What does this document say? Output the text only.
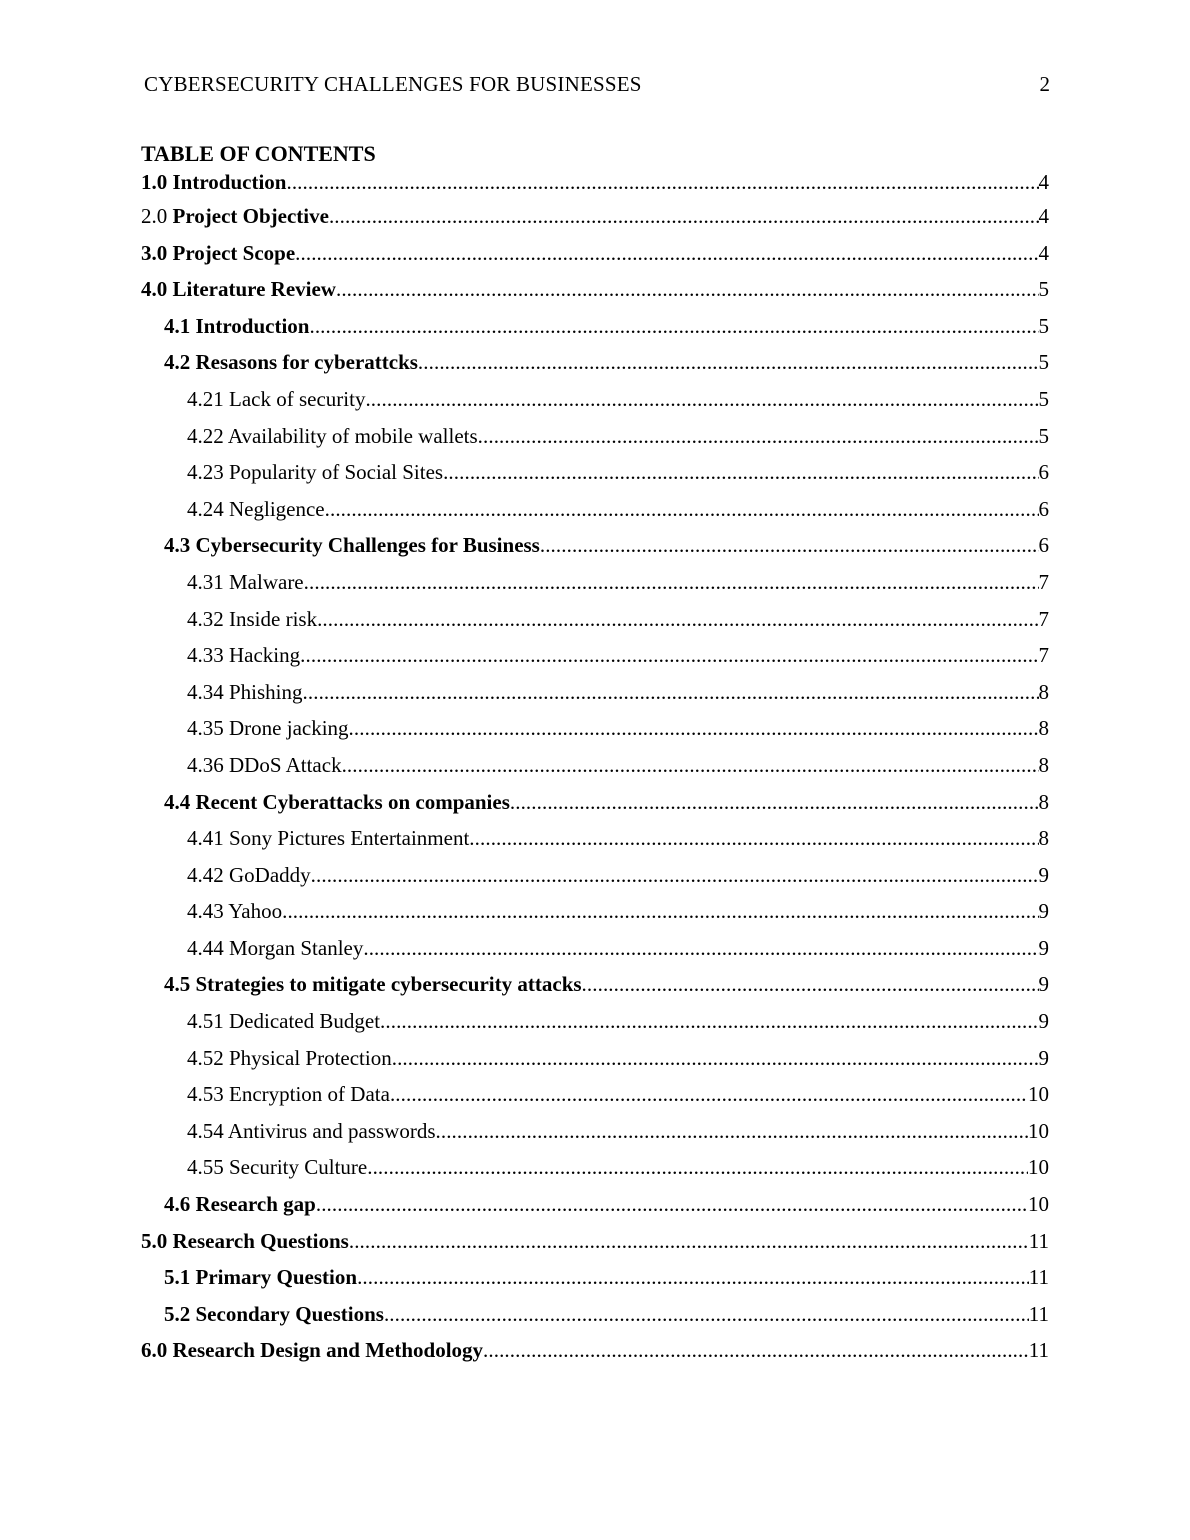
CYBERSECURITY CHALLENGES FOR BUSINESSES	2
TABLE OF CONTENTS
1.0 Introduction .....	4
2.0 Project Objective .....	4
3.0 Project Scope .....	4
4.0 Literature Review .....	5
4.1 Introduction .....	5
4.2 Resasons for cyberattcks .....	5
4.21 Lack of security .....	5
4.22 Availability of mobile wallets .....	5
4.23 Popularity of Social Sites .....	6
4.24 Negligence .....	6
4.3 Cybersecurity Challenges for Business .....	6
4.31 Malware .....	7
4.32 Inside risk .....	7
4.33 Hacking .....	7
4.34 Phishing .....	8
4.35 Drone jacking .....	8
4.36 DDoS Attack .....	8
4.4 Recent Cyberattacks on companies .....	8
4.41 Sony Pictures Entertainment .....	8
4.42 GoDaddy .....	9
4.43 Yahoo .....	9
4.44 Morgan Stanley .....	9
4.5 Strategies to mitigate cybersecurity attacks .....	9
4.51 Dedicated Budget .....	9
4.52 Physical Protection .....	9
4.53 Encryption of Data .....	10
4.54 Antivirus and passwords .....	10
4.55 Security Culture .....	10
4.6 Research gap .....	10
5.0 Research Questions .....	11
5.1 Primary Question .....	11
5.2 Secondary Questions .....	11
6.0 Research Design and Methodology .....	11
